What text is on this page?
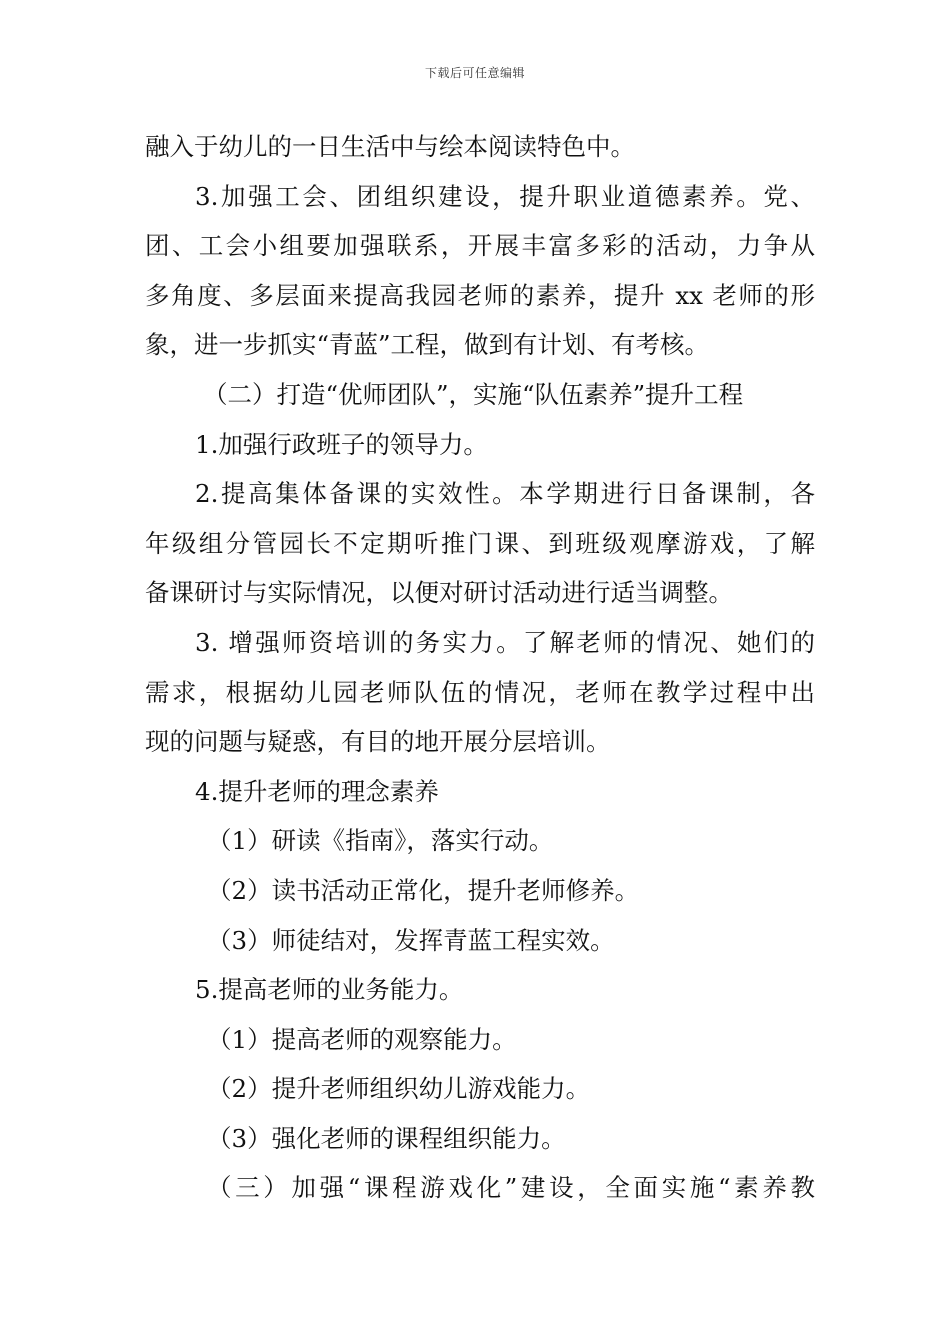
下载后可任意编辑
融入于幼儿的一日生活中与绘本阅读特色中。
3.加强工会、团组织建设，提升职业道德素养。党、
团、工会小组要加强联系，开展丰富多彩的活动，力争从
多角度、多层面来提高我园老师的素养，提升 xx 老师的形
象，进一步抓实“青蓝”工程，做到有计划、有考核。
（二）打造“优师团队”，实施“队伍素养”提升工程
1.加强行政班子的领导力。
2.提高集体备课的实效性。本学期进行日备课制，各
年级组分管园长不定期听推门课、到班级观摩游戏，了解
备课研讨与实际情况，以便对研讨活动进行适当调整。
3. 增强师资培训的务实力。了解老师的情况、她们的
需求，根据幼儿园老师队伍的情况，老师在教学过程中出
现的问题与疑惑，有目的地开展分层培训。
4.提升老师的理念素养
（1）研读《指南》，落实行动。
（2）读书活动正常化，提升老师修养。
（3）师徒结对，发挥青蓝工程实效。
5.提高老师的业务能力。
（1）提高老师的观察能力。
（2）提升老师组织幼儿游戏能力。
（3）强化老师的课程组织能力。
（三）加强“课程游戏化”建设，全面实施“素养教
